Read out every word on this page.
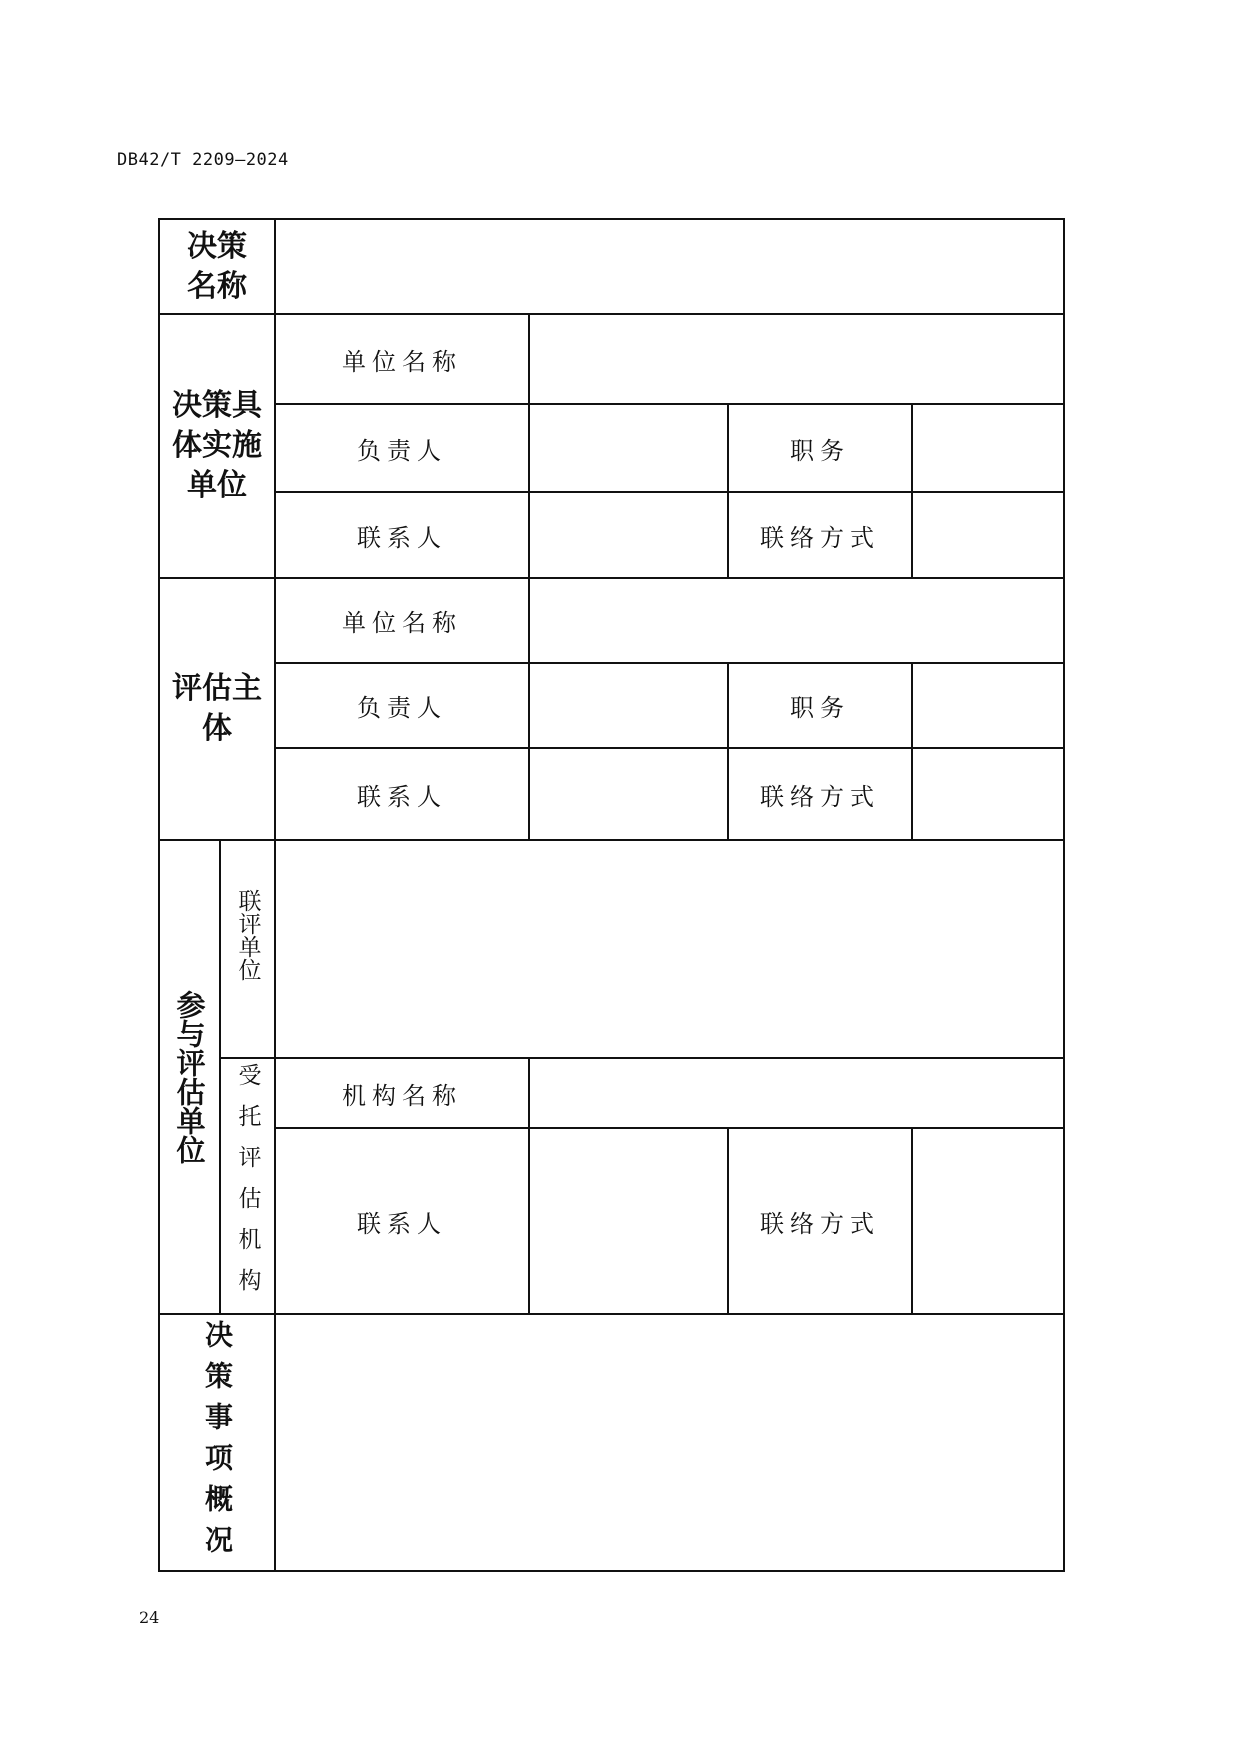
DB42/T 2209—2024
决策
名称
决策具
体实施
单位
单位名称
负责人	职务
联系人	联络方式
评估主
体
单位名称
负责人	职务
联系人	联络方式
参与评估单位
联评单位
受托评估机构	机构名称
联系人	联络方式
决策事项概况
24
